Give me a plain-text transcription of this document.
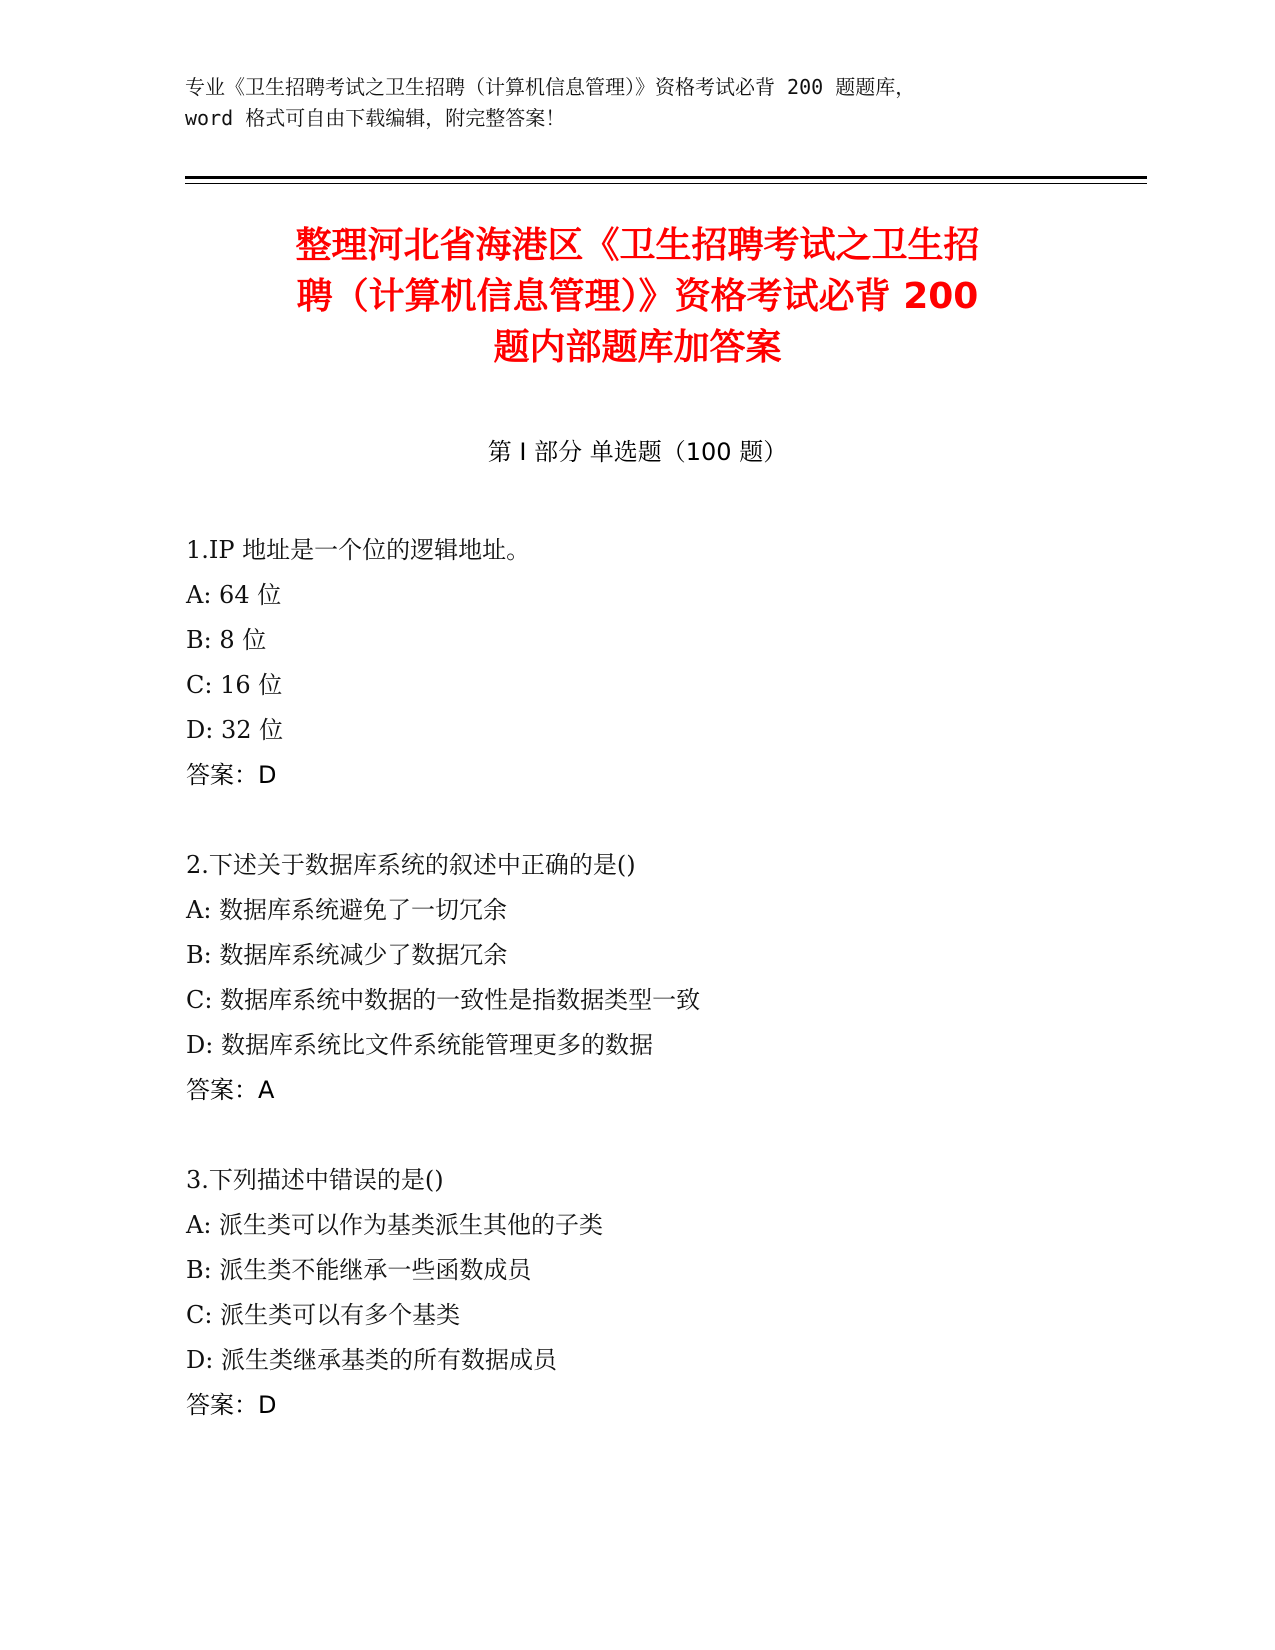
专业《卫生招聘考试之卫生招聘（计算机信息管理）》资格考试必背 200 题题库，
word 格式可自由下载编辑，附完整答案！
整理河北省海港区《卫生招聘考试之卫生招
聘（计算机信息管理）》资格考试必背 200
题内部题库加答案
第 I 部分 单选题（100 题）
1.IP 地址是一个位的逻辑地址。
A: 64 位
B: 8 位
C: 16 位
D: 32 位
答案：D
2.下述关于数据库系统的叙述中正确的是()
A: 数据库系统避免了一切冗余
B: 数据库系统减少了数据冗余
C: 数据库系统中数据的一致性是指数据类型一致
D: 数据库系统比文件系统能管理更多的数据
答案：A
3.下列描述中错误的是()
A: 派生类可以作为基类派生其他的子类
B: 派生类不能继承一些函数成员
C: 派生类可以有多个基类
D: 派生类继承基类的所有数据成员
答案：D
